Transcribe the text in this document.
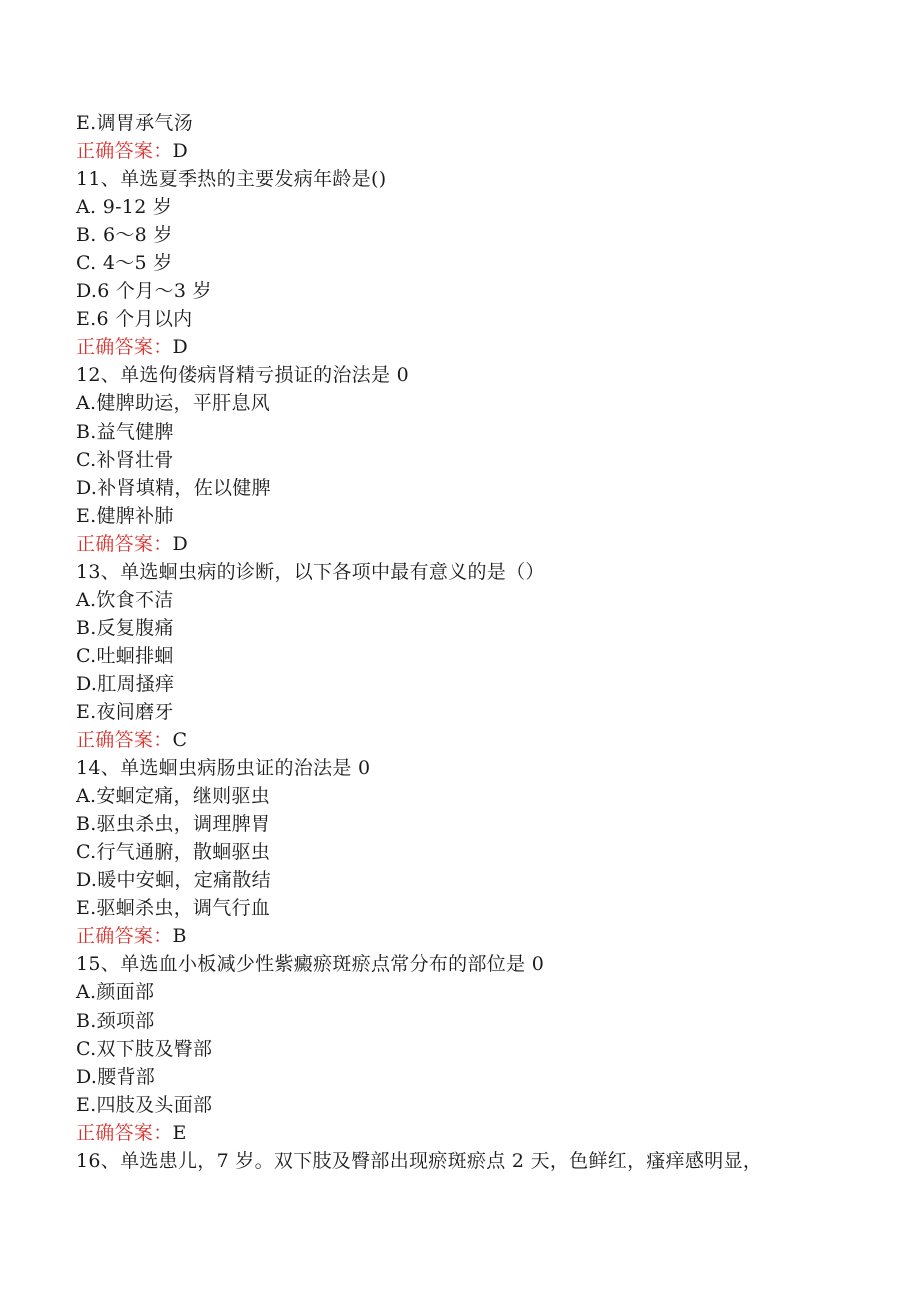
E.调胃承气汤
正确答案：D
11、单选夏季热的主要发病年龄是()
A. 9-12 岁
B. 6～8 岁
C. 4～5 岁
D.6 个月～3 岁
E.6 个月以内
正确答案：D
12、单选佝偻病肾精亏损证的治法是 0
A.健脾助运，平肝息风
B.益气健脾
C.补肾壮骨
D.补肾填精，佐以健脾
E.健脾补肺
正确答案：D
13、单选蛔虫病的诊断，以下各项中最有意义的是（）
A.饮食不洁
B.反复腹痛
C.吐蛔排蛔
D.肛周搔痒
E.夜间磨牙
正确答案：C
14、单选蛔虫病肠虫证的治法是 0
A.安蛔定痛，继则驱虫
B.驱虫杀虫，调理脾胃
C.行气通腑，散蛔驱虫
D.暖中安蛔，定痛散结
E.驱蛔杀虫，调气行血
正确答案：B
15、单选血小板减少性紫癜瘀斑瘀点常分布的部位是 0
A.颜面部
B.颈项部
C.双下肢及臀部
D.腰背部
E.四肢及头面部
正确答案：E
16、单选患儿，7 岁。双下肢及臀部出现瘀斑瘀点 2 天，色鲜红，瘙痒感明显，
